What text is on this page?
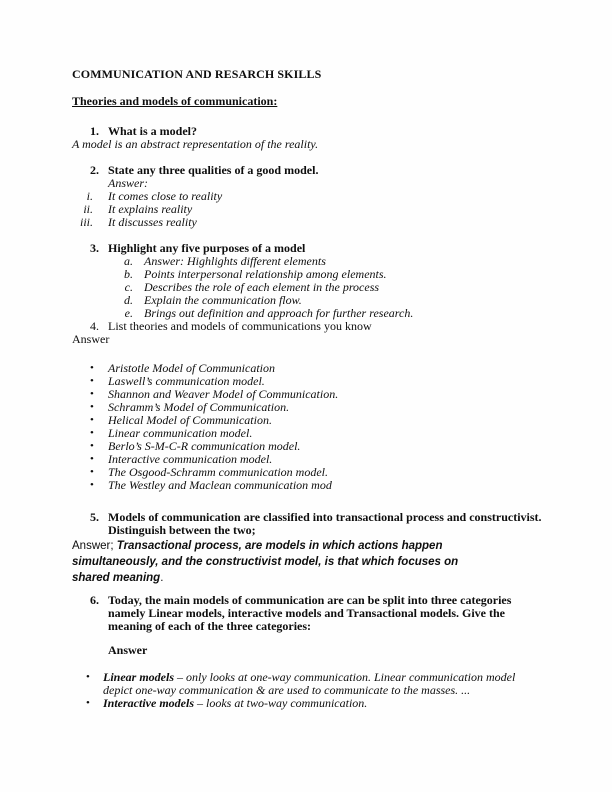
COMMUNICATION AND RESARCH SKILLS
Theories and models of communication:
1. What is a model?
A model is an abstract representation of the reality.
2. State any three qualities of a good model.
Answer:
i. It comes close to reality
ii. It explains reality
iii. It discusses reality
3. Highlight any five purposes of a model
a. Answer: Highlights different elements
b. Points interpersonal relationship among elements.
c. Describes the role of each element in the process
d. Explain the communication flow.
e. Brings out definition and approach for further research.
4. List theories and models of communications you know
Answer
•	Aristotle Model of Communication
•	Laswell’s communication model.
•	Shannon and Weaver Model of Communication.
•	Schramm’s Model of Communication.
•	Helical Model of Communication.
•	Linear communication model.
•	Berlo’s S-M-C-R communication model.
•	Interactive communication model.
•	The Osgood-Schramm communication model.
•	The Westley and Maclean communication mod
5. Models of communication are classified into transactional process and constructivist. Distinguish between the two;
Answer; Transactional process, are models in which actions happen simultaneously, and the constructivist model, is that which focuses on shared meaning.
6. Today, the main models of communication are can be split into three categories namely Linear models, interactive models and Transactional models. Give the meaning of each of the three categories:
Answer
•	Linear models – only looks at one-way communication. Linear communication model depict one-way communication & are used to communicate to the masses. ...
•	Interactive models – looks at two-way communication.
